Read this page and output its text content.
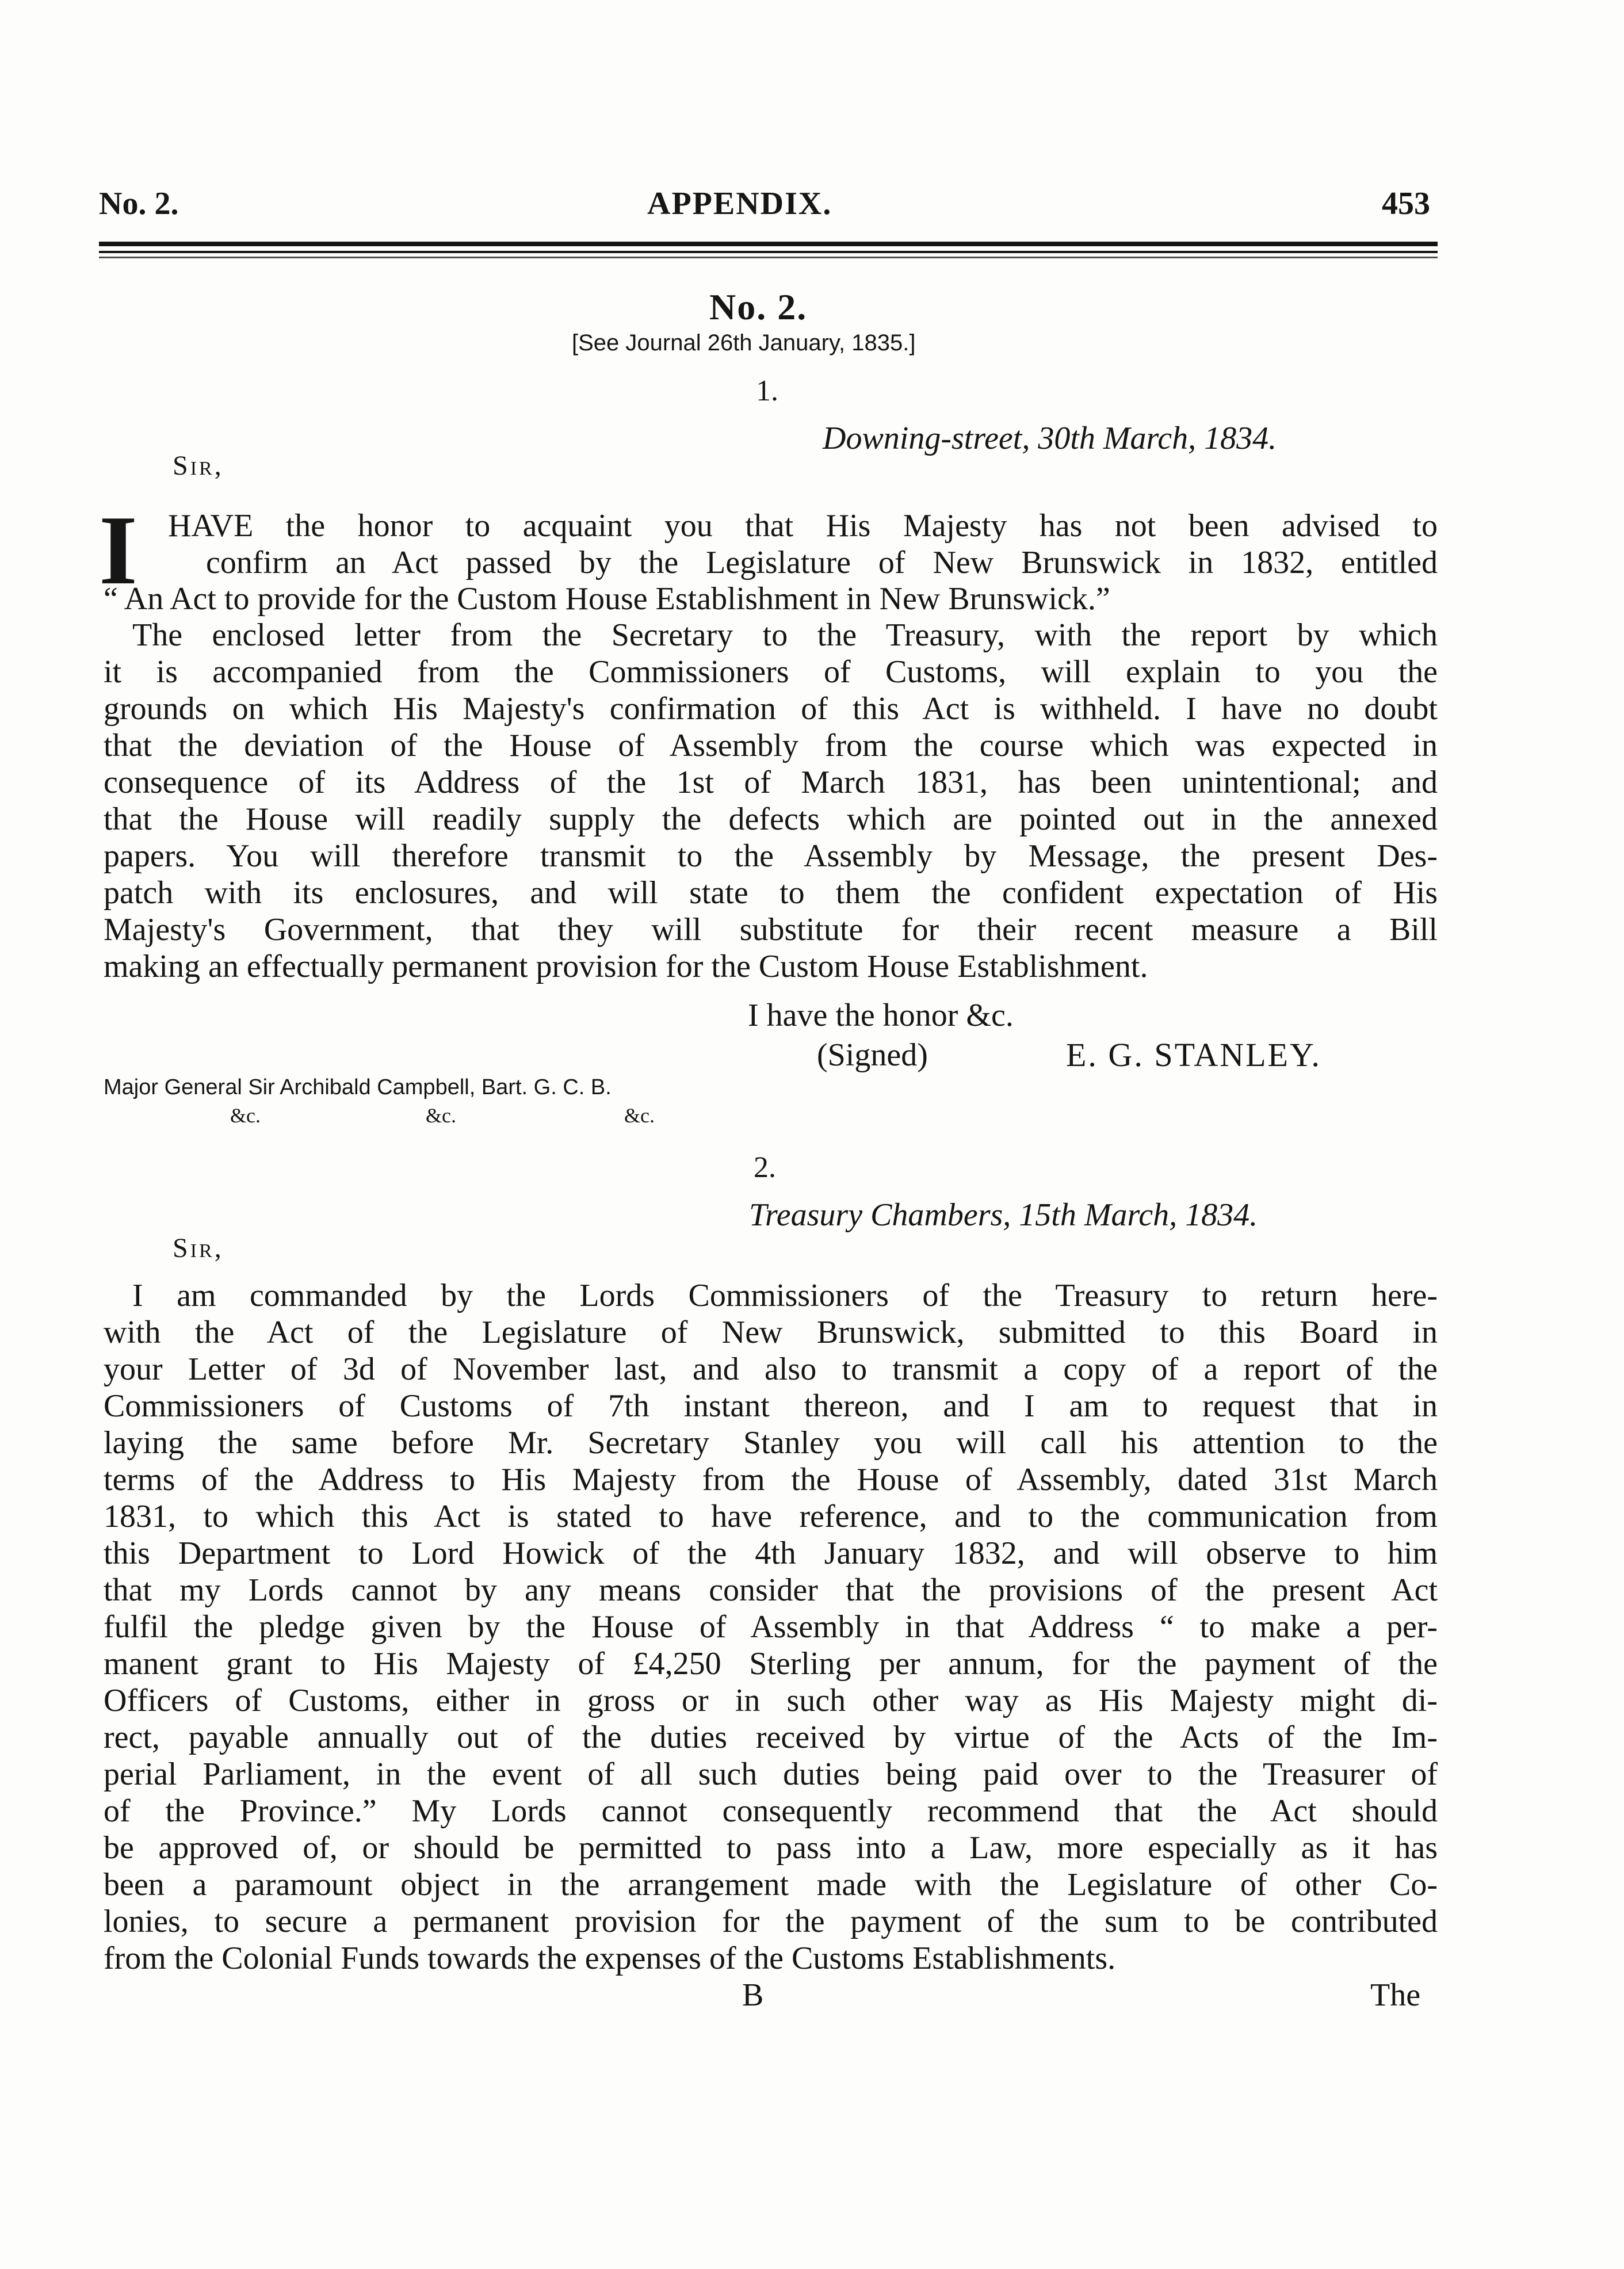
No. 2.	APPENDIX.	453
No. 2.
[See Journal 26th January, 1835.]
1.
Downing-street, 30th March, 1834.
Sir,
I HAVE the honor to acquaint you that His Majesty has not been advised to
confirm an Act passed by the Legislature of New Brunswick in 1832, entitled
“ An Act to provide for the Custom House Establishment in New Brunswick.”
The enclosed letter from the Secretary to the Treasury, with the report by which
it is accompanied from the Commissioners of Customs, will explain to you the
grounds on which His Majesty's confirmation of this Act is withheld. I have no doubt
that the deviation of the House of Assembly from the course which was expected in
consequence of its Address of the 1st of March 1831, has been unintentional; and
that the House will readily supply the defects which are pointed out in the annexed
papers. You will therefore transmit to the Assembly by Message, the present Des-
patch with its enclosures, and will state to them the confident expectation of His
Majesty's Government, that they will substitute for their recent measure a Bill
making an effectually permanent provision for the Custom House Establishment.
I have the honor &c.
(Signed)	E. G. STANLEY.
Major General Sir Archibald Campbell, Bart. G. C. B.
&c.	&c.	&c.
2.
Treasury Chambers, 15th March, 1834.
Sir,
I am commanded by the Lords Commissioners of the Treasury to return here-
with the Act of the Legislature of New Brunswick, submitted to this Board in
your Letter of 3d of November last, and also to transmit a copy of a report of the
Commissioners of Customs of 7th instant thereon, and I am to request that in
laying the same before Mr. Secretary Stanley you will call his attention to the
terms of the Address to His Majesty from the House of Assembly, dated 31st March
1831, to which this Act is stated to have reference, and to the communication from
this Department to Lord Howick of the 4th January 1832, and will observe to him
that my Lords cannot by any means consider that the provisions of the present Act
fulfil the pledge given by the House of Assembly in that Address “ to make a per-
manent grant to His Majesty of £4,250 Sterling per annum, for the payment of the
Officers of Customs, either in gross or in such other way as His Majesty might di-
rect, payable annually out of the duties received by virtue of the Acts of the Im-
perial Parliament, in the event of all such duties being paid over to the Treasurer of
of the Province.” My Lords cannot consequently recommend that the Act should
be approved of, or should be permitted to pass into a Law, more especially as it has
been a paramount object in the arrangement made with the Legislature of other Co-
lonies, to secure a permanent provision for the payment of the sum to be contributed
from the Colonial Funds towards the expenses of the Customs Establishments.
B	The
